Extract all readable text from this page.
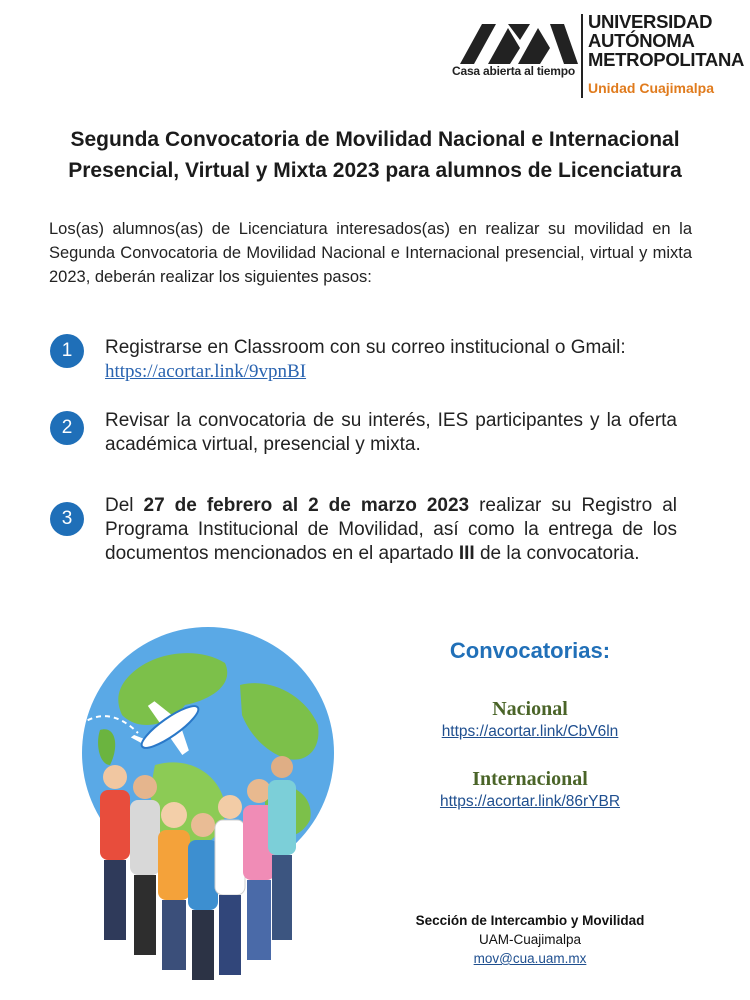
Casa abierta al tiempo
UNIVERSIDAD
AUTÓNOMA
METROPOLITANA
Unidad Cuajimalpa
Segunda Convocatoria de Movilidad Nacional e Internacional
Presencial, Virtual y Mixta 2023 para alumnos de Licenciatura
Los(as) alumnos(as) de Licenciatura interesados(as) en realizar su movilidad en la Segunda Convocatoria de Movilidad Nacional e Internacional presencial, virtual y mixta 2023, deberán realizar los siguientes pasos:
1	Registrarse en Classroom con su correo institucional o Gmail:
https://acortar.link/9vpnBI
2	Revisar la convocatoria de su interés, IES participantes y la oferta académica virtual, presencial y mixta.
3
Del 27 de febrero al 2 de marzo 2023 realizar su Registro al Programa Institucional de Movilidad, así como la entrega de los documentos mencionados en el apartado III de la convocatoria.
Convocatorias:
Nacional
https://acortar.link/CbV6ln
Internacional
https://acortar.link/86rYBR
Sección de Intercambio y Movilidad
UAM-Cuajimalpa
mov@cua.uam.mx
